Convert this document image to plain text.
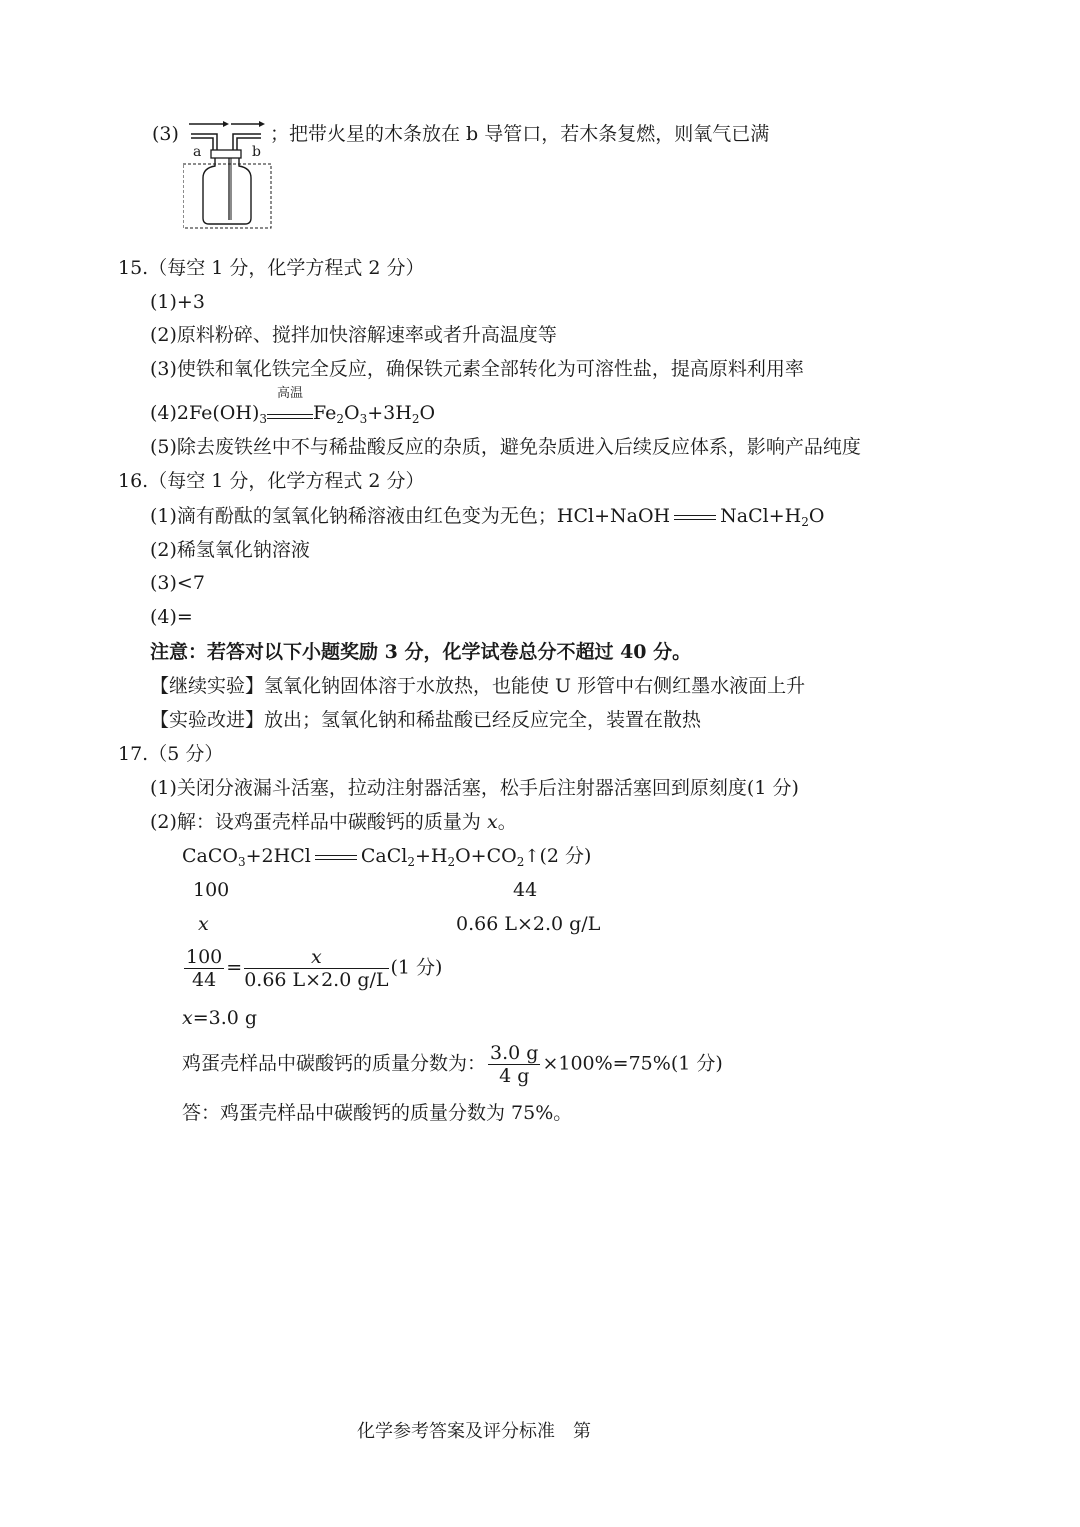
(3)
a	b
；把带火星的木条放在 b 导管口，若木条复燃，则氧气已满
15.（每空 1 分，化学方程式 2 分）
(1)+3
(2)原料粉碎、搅拌加快溶解速率或者升高温度等
(3)使铁和氧化铁完全反应，确保铁元素全部转化为可溶性盐，提高原料利用率
$(4)2Fe(OH)_3$
高温
$Fe_2O_3+3H_2O$
(5)除去废铁丝中不与稀盐酸反应的杂质，避免杂质进入后续反应体系，影响产品纯度
16.（每空 1 分，化学方程式 2 分）
(1)滴有酚酞的氢氧化钠稀溶液由红色变为无色；HCl+NaOH	$NaCl+H_2O$
(2)稀氢氧化钠溶液
(3)<7
(4)=
注意：若答对以下小题奖励 3 分，化学试卷总分不超过 40 分。
【继续实验】氢氧化钠固体溶于水放热，也能使 U 形管中右侧红墨水液面上升
【实验改进】放出；氢氧化钠和稀盐酸已经反应完全，装置在散热
17.（5 分）
(1)关闭分液漏斗活塞，拉动注射器活塞，松手后注射器活塞回到原刻度(1 分)
(2)解：设鸡蛋壳样品中碳酸钙的质量为 x。
CaCO$_3$+2HCl	$CaCl_2+H_2O+CO_2↑(2$ 分)
100	44
x	0.66 L×2.0 g/L
$\frac{100}{44} = \frac{x}{0.66 L\times 2.0 g/L} (1$ 分)
x=3.0 g
鸡蛋壳样品中碳酸钙的质量分数为： $\frac{3.0 g}{4 g} \times 100\%=75\%(1$ 分)
答：鸡蛋壳样品中碳酸钙的质量分数为 75%。
化学参考答案及评分标准　第
